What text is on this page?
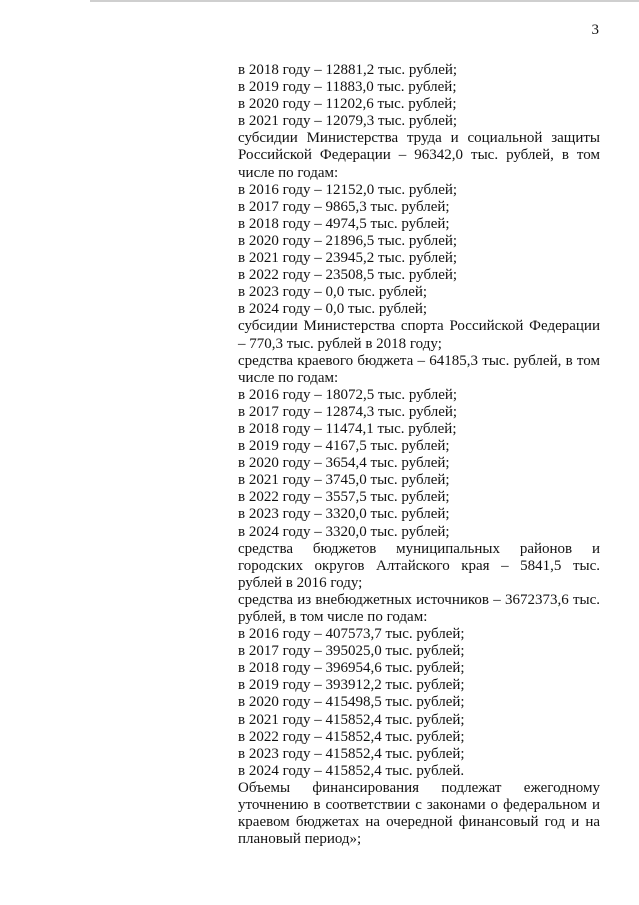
3
в 2018 году – 12881,2 тыс. рублей;
в 2019 году – 11883,0 тыс. рублей;
в 2020 году – 11202,6 тыс. рублей;
в 2021 году – 12079,3 тыс. рублей;
субсидии Министерства труда и социальной защиты Российской Федерации – 96342,0 тыс. рублей, в том числе по годам:
в 2016 году – 12152,0 тыс. рублей;
в 2017 году – 9865,3 тыс. рублей;
в 2018 году – 4974,5 тыс. рублей;
в 2020 году – 21896,5 тыс. рублей;
в 2021 году – 23945,2 тыс. рублей;
в 2022 году – 23508,5 тыс. рублей;
в 2023 году – 0,0 тыс. рублей;
в 2024 году – 0,0 тыс. рублей;
субсидии Министерства спорта Российской Федерации – 770,3 тыс. рублей в 2018 году;
средства краевого бюджета – 64185,3 тыс. рублей, в том числе по годам:
в 2016 году – 18072,5 тыс. рублей;
в 2017 году – 12874,3 тыс. рублей;
в 2018 году – 11474,1 тыс. рублей;
в 2019 году – 4167,5 тыс. рублей;
в 2020 году – 3654,4 тыс. рублей;
в 2021 году – 3745,0 тыс. рублей;
в 2022 году – 3557,5 тыс. рублей;
в 2023 году – 3320,0 тыс. рублей;
в 2024 году – 3320,0 тыс. рублей;
средства бюджетов муниципальных районов и городских округов Алтайского края – 5841,5 тыс. рублей в 2016 году;
средства из внебюджетных источников – 3672373,6 тыс. рублей, в том числе по годам:
в 2016 году – 407573,7 тыс. рублей;
в 2017 году – 395025,0 тыс. рублей;
в 2018 году – 396954,6 тыс. рублей;
в 2019 году – 393912,2 тыс. рублей;
в 2020 году – 415498,5 тыс. рублей;
в 2021 году – 415852,4 тыс. рублей;
в 2022 году – 415852,4 тыс. рублей;
в 2023 году – 415852,4 тыс. рублей;
в 2024 году – 415852,4 тыс. рублей.
Объемы финансирования подлежат ежегодному уточнению в соответствии с законами о федеральном и краевом бюджетах на очередной финансовый год и на плановый период»;
